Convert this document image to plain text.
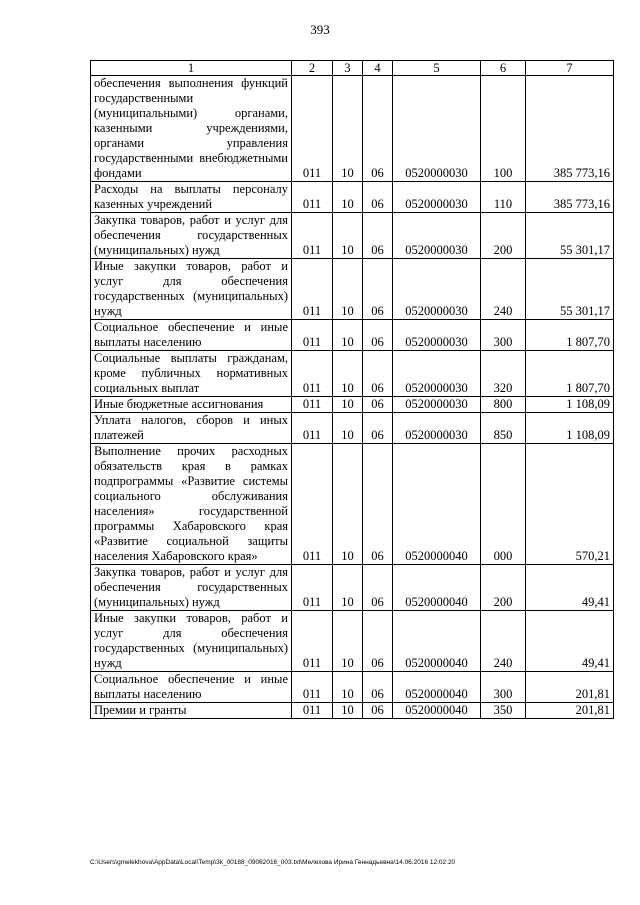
393
1	2	3	4	5	6	7
обеспечения выполнения функций государственными (муниципальными) органами, казенными учреждениями, органами управления государственными внебюджетными фондами	011	10	06	0520000030	100	385 773,16
Расходы на выплаты персоналу казенных учреждений	011	10	06	0520000030	110	385 773,16
Закупка товаров, работ и услуг для обеспечения государственных (муниципальных) нужд	011	10	06	0520000030	200	55 301,17
Иные закупки товаров, работ и услуг для обеспечения государственных (муниципальных) нужд	011	10	06	0520000030	240	55 301,17
Социальное обеспечение и иные выплаты населению	011	10	06	0520000030	300	1 807,70
Социальные выплаты гражданам, кроме публичных нормативных социальных выплат	011	10	06	0520000030	320	1 807,70
Иные бюджетные ассигнования	011	10	06	0520000030	800	1 108,09
Уплата налогов, сборов и иных платежей	011	10	06	0520000030	850	1 108,09
Выполнение прочих расходных обязательств края в рамках подпрограммы «Развитие системы социального обслуживания населения» государственной программы Хабаровского края «Развитие социальной защиты населения Хабаровского края»	011	10	06	0520000040	000	570,21
Закупка товаров, работ и услуг для обеспечения государственных (муниципальных) нужд	011	10	06	0520000040	200	49,41
Иные закупки товаров, работ и услуг для обеспечения государственных (муниципальных) нужд	011	10	06	0520000040	240	49,41
Социальное обеспечение и иные выплаты населению	011	10	06	0520000040	300	201,81
Премии и гранты	011	10	06	0520000040	350	201,81
C:\Users\gmelekhova\AppData\Local\Temp\3k_00188_09062016_003.txt\Мелехова Ирина Геннадьевна\14.06.2016 12:02:20
